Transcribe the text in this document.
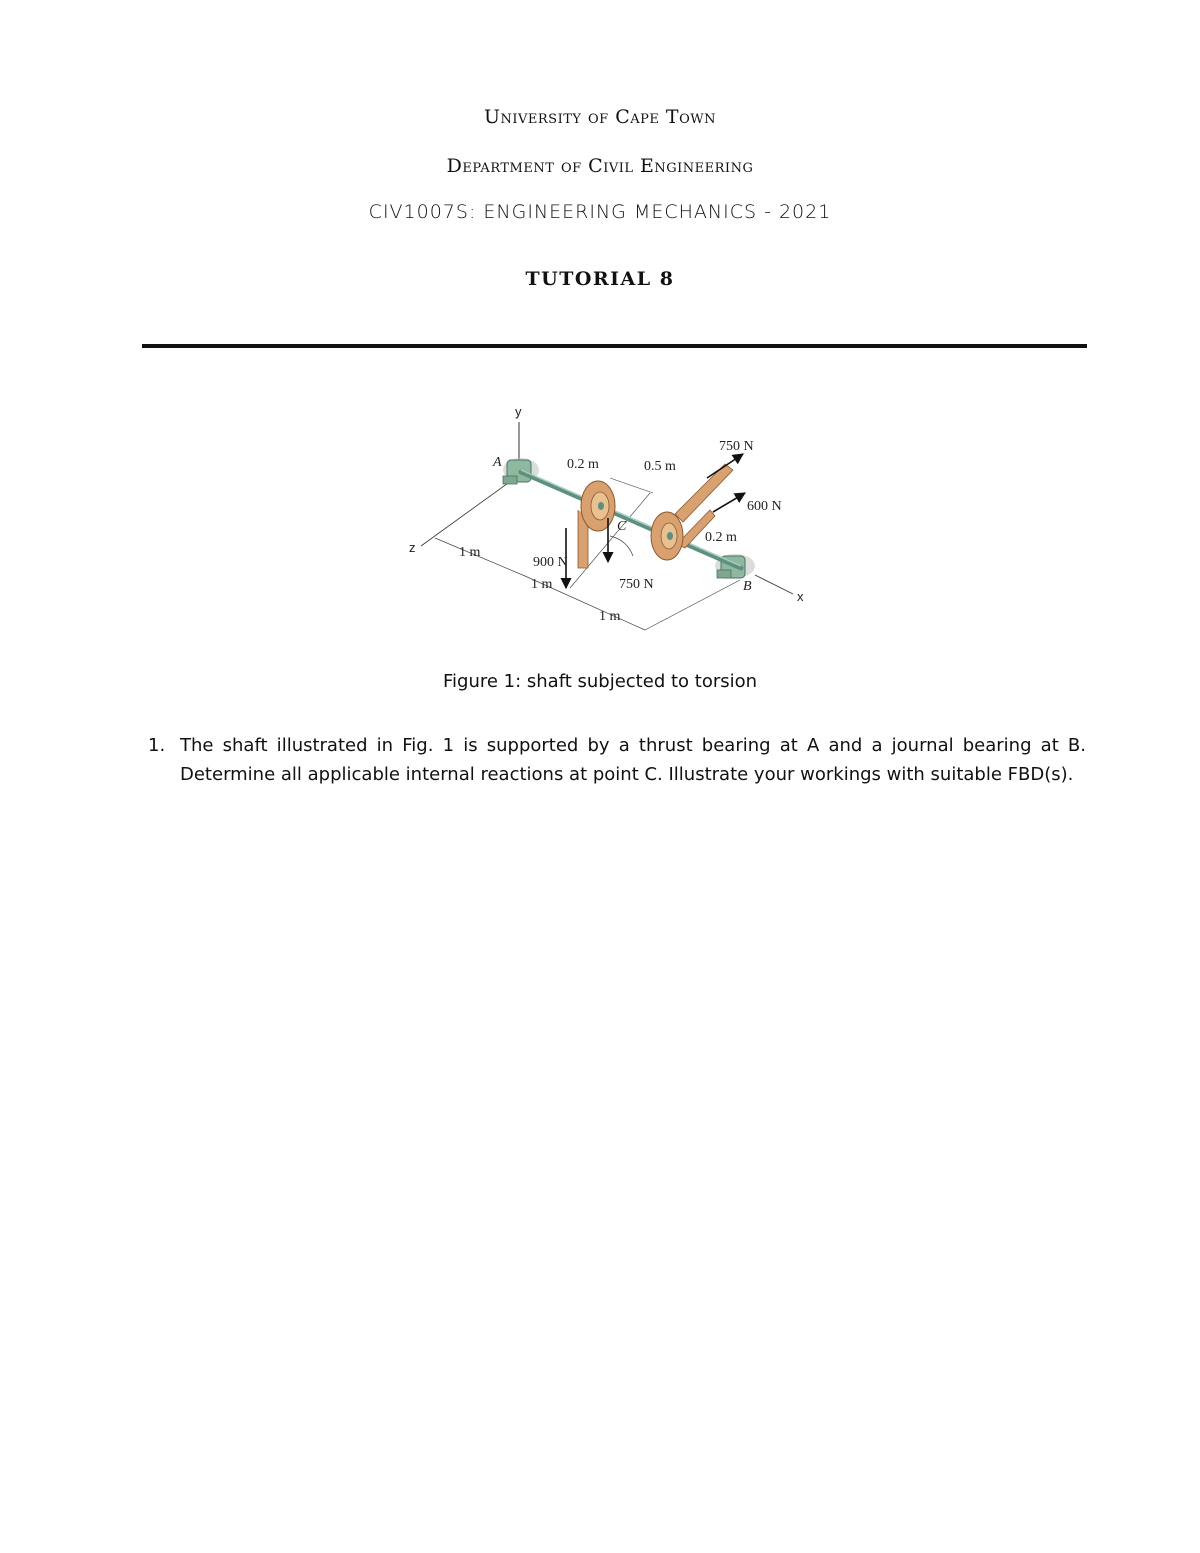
University of Cape Town
Department of Civil Engineering
CIV1007S: ENGINEERING MECHANICS - 2021
TUTORIAL 8
y
z
x
A
B
C
0.2 m	0.5 m
0.2 m
1 m
1 m
1 m
750 N
600 N
900 N
750 N
Figure 1: shaft subjected to torsion
1. The shaft illustrated in Fig. 1 is supported by a thrust bearing at A and a journal bearing at B. Determine all applicable internal reactions at point C. Illustrate your workings with suitable FBD(s).
